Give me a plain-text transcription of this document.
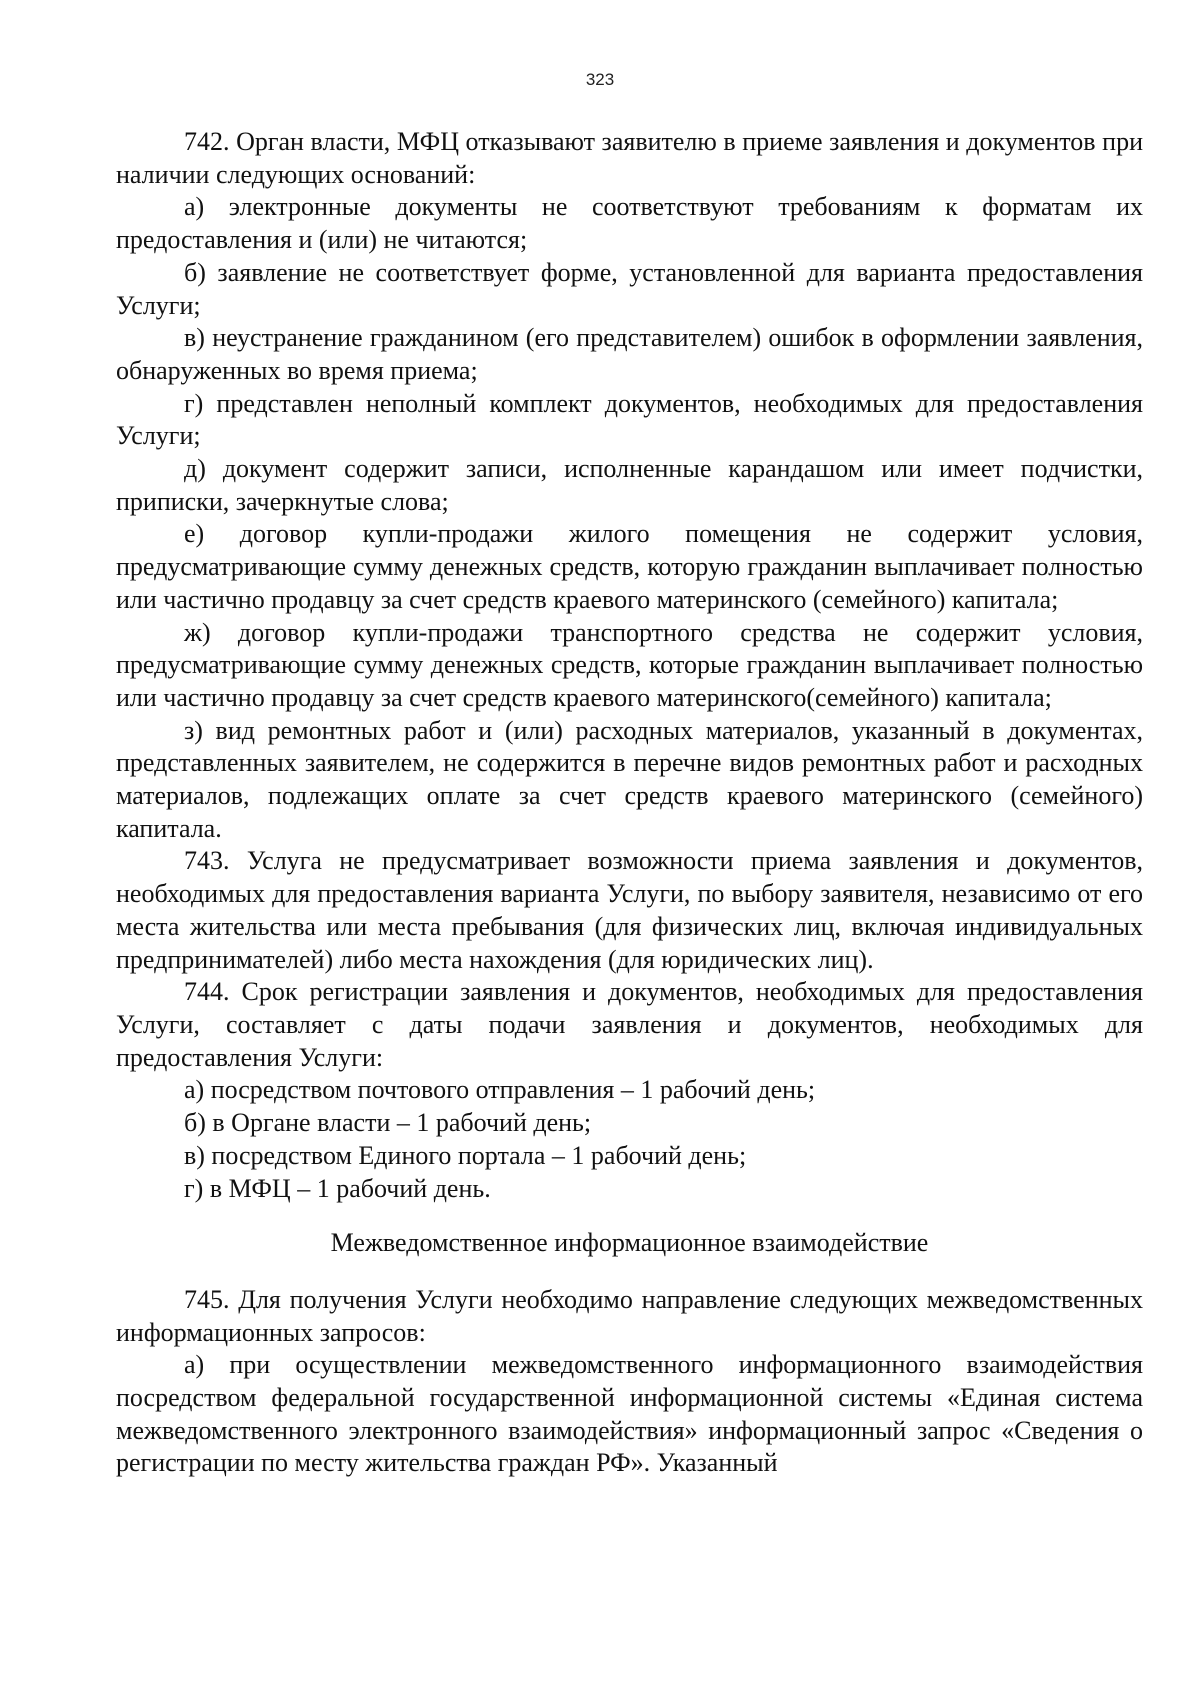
323

742. Орган власти, МФЦ отказывают заявителю в приеме заявления и документов при наличии следующих оснований:

а) электронные документы не соответствуют требованиям к форматам их предоставления и (или) не читаются;

б) заявление не соответствует форме, установленной для варианта предоставления Услуги;

в) неустранение гражданином (его представителем) ошибок в оформлении заявления, обнаруженных во время приема;

г) представлен неполный комплект документов, необходимых для предоставления Услуги;

д) документ содержит записи, исполненные карандашом или имеет подчистки, приписки, зачеркнутые слова;

е) договор купли-продажи жилого помещения не содержит условия, предусматривающие сумму денежных средств, которую гражданин выплачивает полностью или частично продавцу за счет средств краевого материнского (семейного) капитала;

ж) договор купли-продажи транспортного средства не содержит условия, предусматривающие сумму денежных средств, которые гражданин выплачивает полностью или частично продавцу за счет средств краевого материнского(семейного) капитала;

з) вид ремонтных работ и (или) расходных материалов, указанный в документах, представленных заявителем, не содержится в перечне видов ремонтных работ и расходных материалов, подлежащих оплате за счет средств краевого материнского (семейного) капитала.

743. Услуга не предусматривает возможности приема заявления и документов, необходимых для предоставления варианта Услуги, по выбору заявителя, независимо от его места жительства или места пребывания (для физических лиц, включая индивидуальных предпринимателей) либо места нахождения (для юридических лиц).

744. Срок регистрации заявления и документов, необходимых для предоставления Услуги, составляет с даты подачи заявления и документов, необходимых для предоставления Услуги:

а) посредством почтового отправления – 1 рабочий день;

б) в Органе власти – 1 рабочий день;

в) посредством Единого портала – 1 рабочий день;

г) в МФЦ – 1 рабочий день.

Межведомственное информационное взаимодействие

745. Для получения Услуги необходимо направление следующих межведомственных информационных запросов:

а) при осуществлении межведомственного информационного взаимодействия посредством федеральной государственной информационной системы «Единая система межведомственного электронного взаимодействия» информационный запрос «Сведения о регистрации по месту жительства граждан РФ». Указанный
